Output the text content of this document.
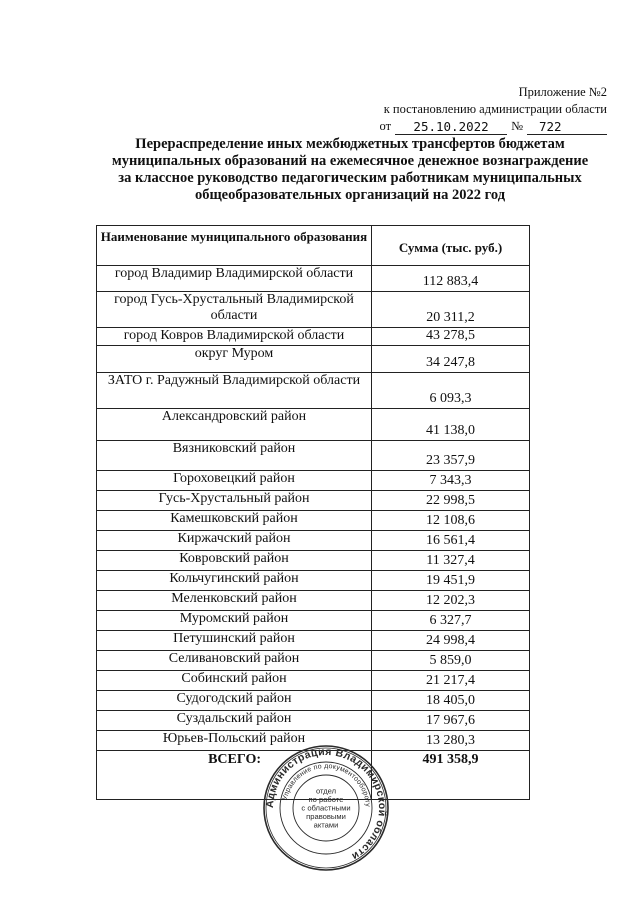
Приложение №2
к постановлению администрации области
от	25.10.2022	№	722
Перераспределение иных межбюджетных трансфертов бюджетам
муниципальных образований на ежемесячное денежное вознаграждение
за классное руководство педагогическим работникам муниципальных
общеобразовательных организаций на 2022 год
Наименование муниципального образования	Сумма (тыс. руб.)
город Владимир Владимирской области	112 883,4
город Гусь-Хрустальный Владимирской области	20 311,2
город Ковров Владимирской области	43 278,5
округ Муром	34 247,8
ЗАТО г. Радужный Владимирской области	6 093,3
Александровский район	41 138,0
Вязниковский район	23 357,9
Гороховецкий район	7 343,3
Гусь-Хрустальный район	22 998,5
Камешковский район	12 108,6
Киржачский район	16 561,4
Ковровский район	11 327,4
Кольчугинский район	19 451,9
Меленковский район	12 202,3
Муромский район	6 327,7
Петушинский район	24 998,4
Селивановский район	5 859,0
Собинский район	21 217,4
Судогодский район	18 405,0
Суздальский район	17 967,6
Юрьев-Польский район	13 280,3
ВСЕГО:	491 358,9
Администрация Владимирской области
Управление по документообороту
отдел
по работе
с областными
правовыми
актами
